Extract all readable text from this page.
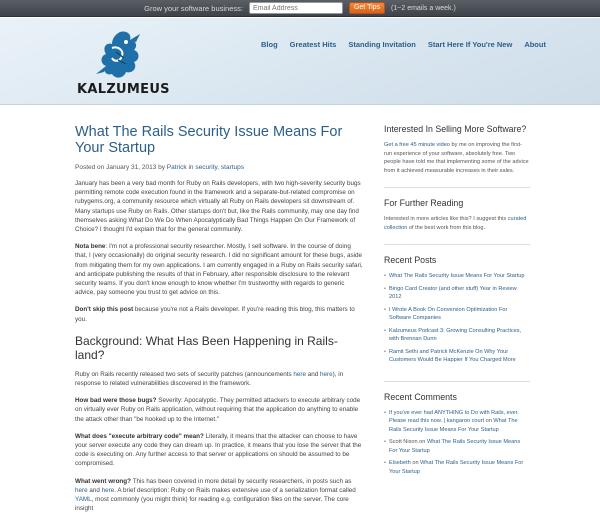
Grow your software business:
Email Address	Get Tips	(1~2 emails a week.)
KALZUMEUS
Blog Greatest Hits Standing Invitation Start Here If You're New About
What The Rails Security Issue Means For Your Startup
Posted on January 31, 2013 by Patrick in security, startups

January has been a very bad month for Ruby on Rails developers, with two high-severity security bugs permitting remote code execution found in the framework and a separate-but-related compromise on rubygems.org, a community resource which virtually all Ruby on Rails developers sit downstream of. Many startups use Ruby on Rails. Other startups don't but, like the Rails community, may one day find themselves asking What Do We Do When Apocalyptically Bad Things Happen On Our Framework of Choice? I thought I'd explain that for the general community.

Nota bene: I'm not a professional security researcher. Mostly, I sell software. In the course of doing that, I (very occasionally) do original security research. I did no significant amount for these bugs, aside from mitigating them for my own applications. I am currently engaged in a Ruby on Rails security safari, and anticipate publishing the results of that in February, after responsible disclosure to the relevant security teams. If you don't know enough to know whether I'm trustworthy with regards to generic advice, pay someone you trust to get advice on this.

Don't skip this post because you're not a Rails developer. If you're reading this blog, this matters to you.

Background: What Has Been Happening in Rails-land?

Ruby on Rails recently released two sets of security patches (announcements here and here), in response to related vulnerabilities discovered in the framework.

How bad were those bugs? Severity: Apocalyptic. They permitted attackers to execute arbitrary code on virtually ever Ruby on Rails application, without requiring that the application do anything to enable the attack other than "be hooked up to the Internet."

What does "execute arbitrary code" mean? Literally, it means that the attacker can choose to have your server execute any code they can dream up. In practice, it means that you lose the server that the code is executing on. Any further access to that server or applications on should be assumed to be compromised.

What went wrong? This has been covered in more detail by security researchers, in posts such as here and here. A brief description: Ruby on Rails makes extensive use of a serialization format called YAML, most commonly (you might think) for reading e.g. configuration files on the server. The core insight

Interested In Selling More Software?
Get a free 45 minute video by me on improving the first-run experience of your software, absolutely free. Two people have told me that implementing some of the advice from it achieved measurable increases in their sales.
For Further Reading
Interested in more articles like this? I suggest this curated collection of the best work from this blog.
Recent Posts
• What The Rails Security Issue Means For Your Startup
• Bingo Card Creator (and other stuff) Year in Review 2012
• I Wrote A Book On Conversion Optimization For Software Companies
• Kalzumeus Podcast 3: Growing Consulting Practices, with Brennan Dunn
• Ramit Sethi and Patrick McKenzie On Why Your Customers Would Be Happier If You Charged More
Recent Comments
• If you've ever had ANYTHING to Do with Rails, ever. Please read this now. | kangaroo court on What The Rails Security Issue Means For Your Startup
• Scott Nixon on What The Rails Security Issue Means For Your Startup
• Elsebeth on What The Rails Security Issue Means For Your Startup
